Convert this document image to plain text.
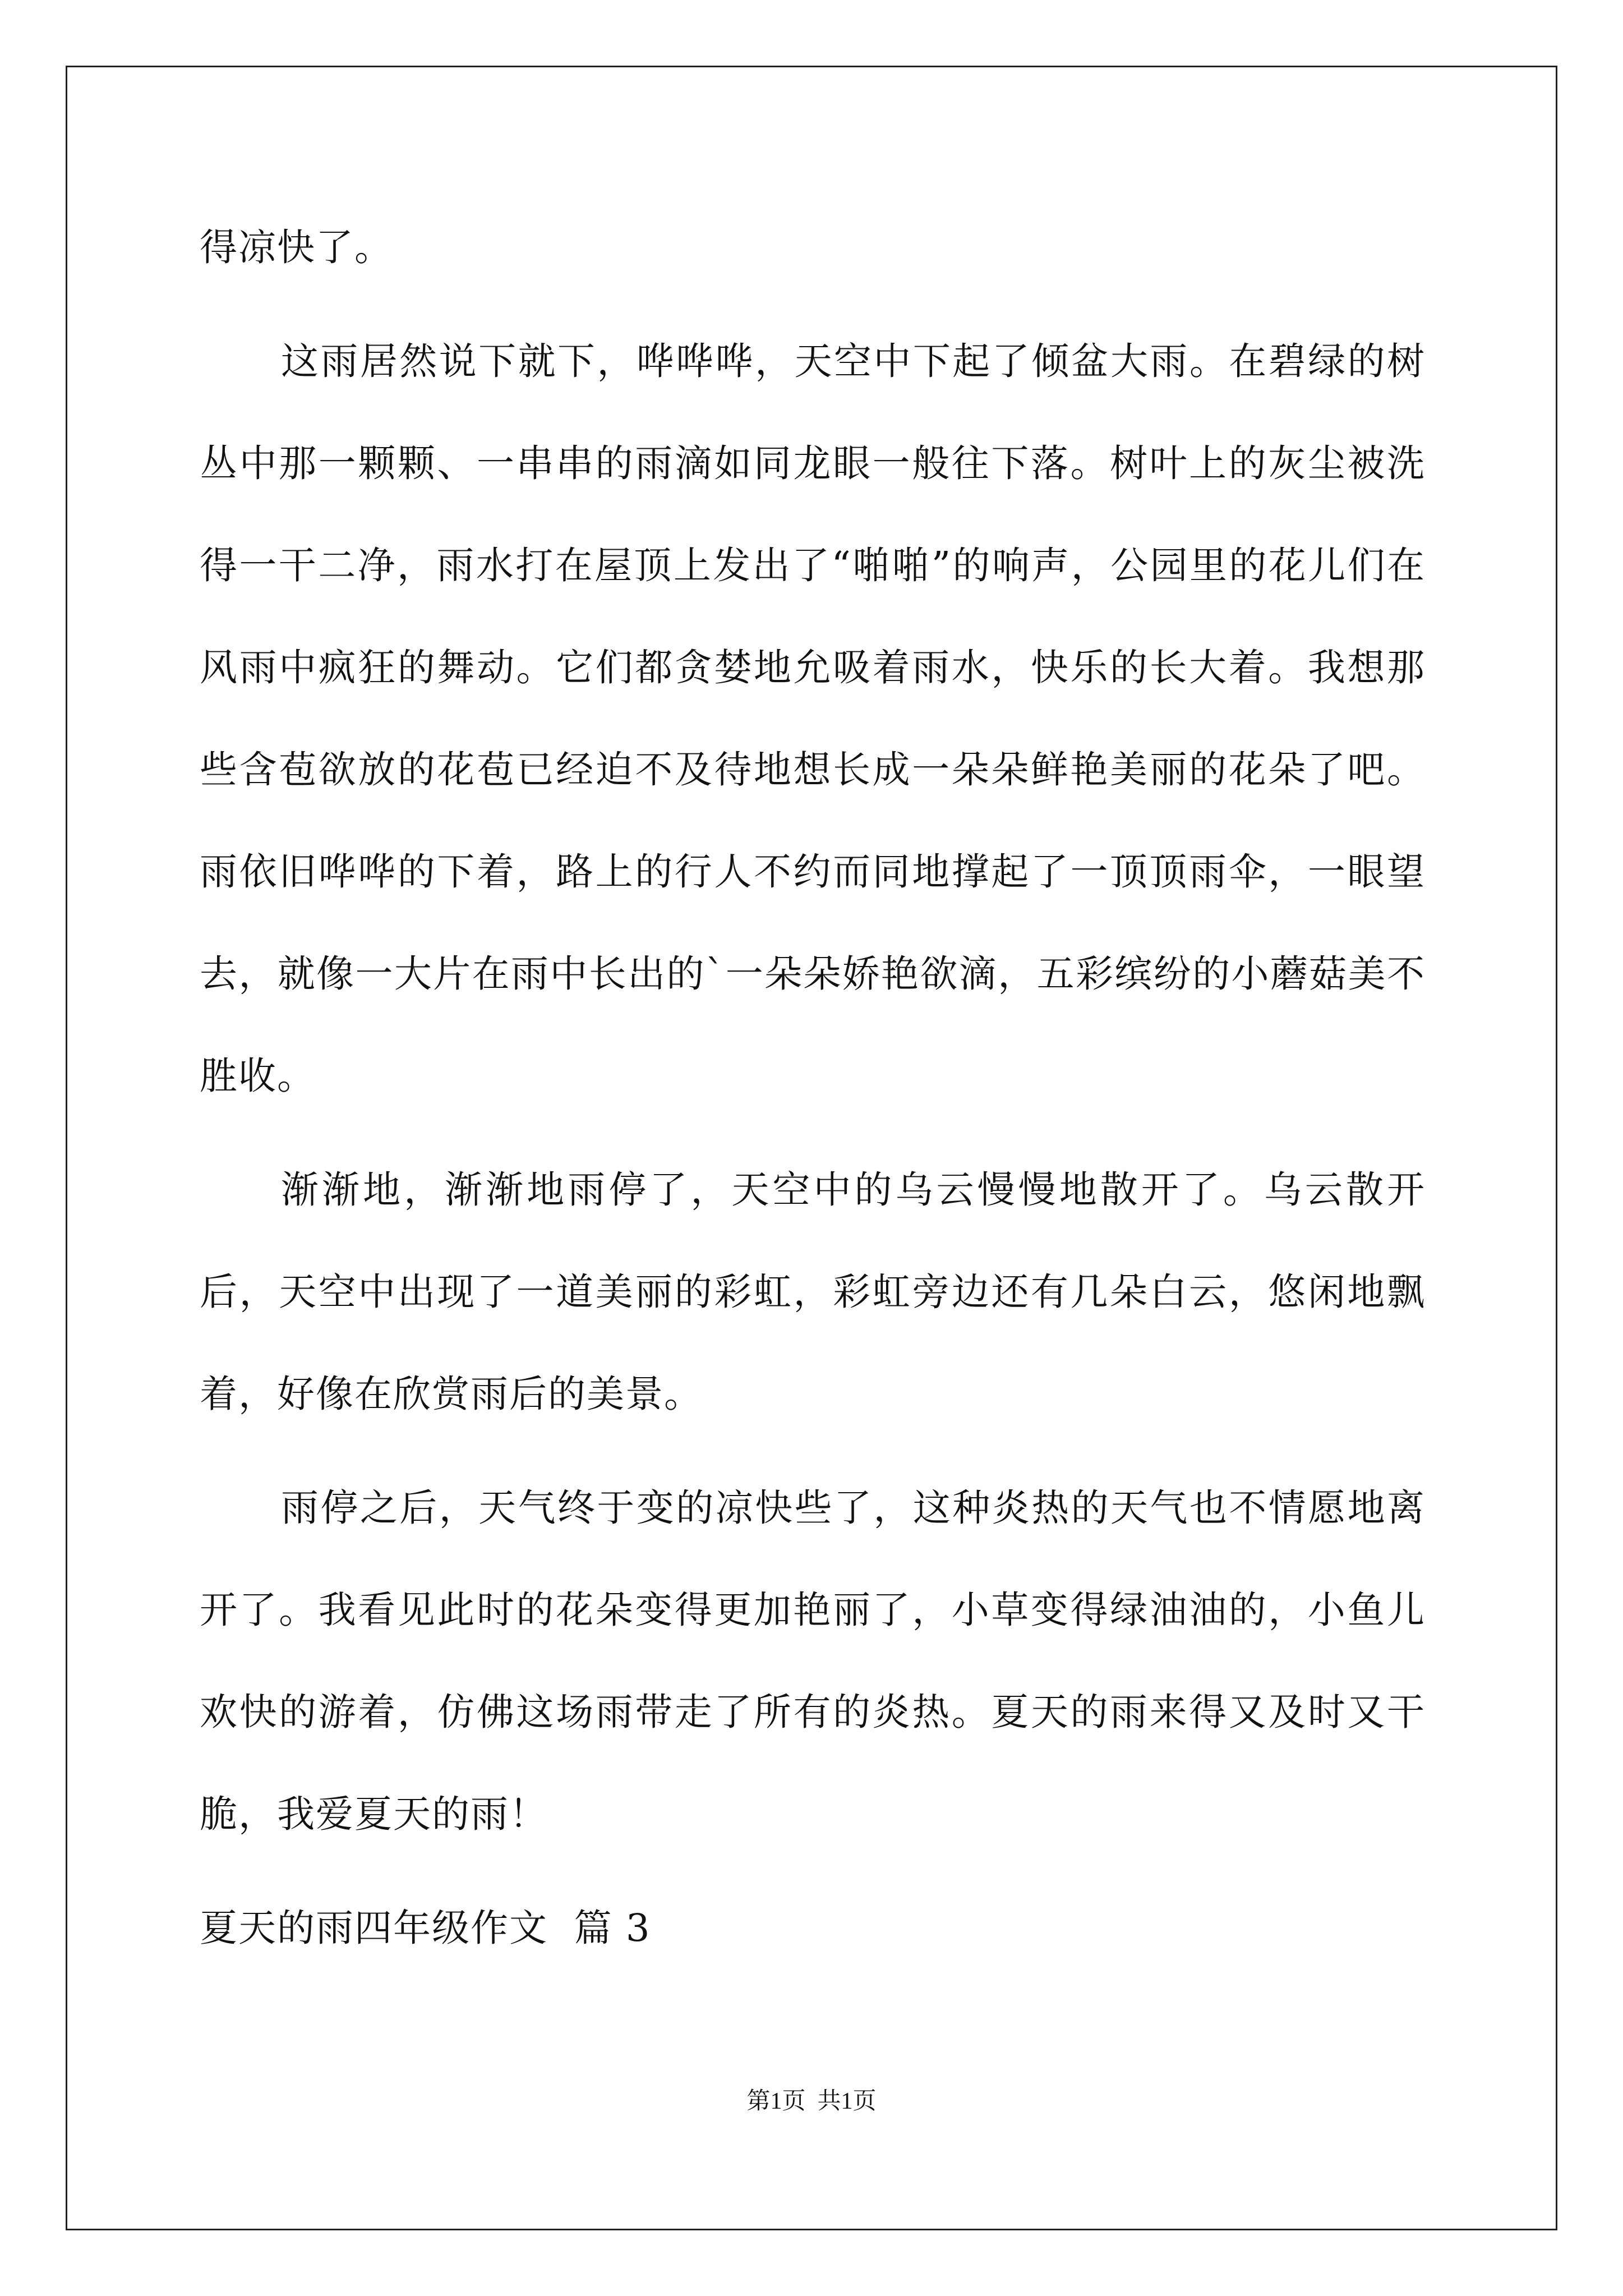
得凉快了。

这雨居然说下就下，哗哗哗，天空中下起了倾盆大雨。在碧绿的树丛中那一颗颗、一串串的雨滴如同龙眼一般往下落。树叶上的灰尘被洗得一干二净，雨水打在屋顶上发出了“啪啪”的响声，公园里的花儿们在风雨中疯狂的舞动。它们都贪婪地允吸着雨水，快乐的长大着。我想那些含苞欲放的花苞已经迫不及待地想长成一朵朵鲜艳美丽的花朵了吧。雨依旧哗哗的下着，路上的行人不约而同地撑起了一顶顶雨伞，一眼望去，就像一大片在雨中长出的`一朵朵娇艳欲滴，五彩缤纷的小蘑菇美不胜收。

渐渐地，渐渐地雨停了，天空中的乌云慢慢地散开了。乌云散开后，天空中出现了一道美丽的彩虹，彩虹旁边还有几朵白云，悠闲地飘着，好像在欣赏雨后的美景。

雨停之后，天气终于变的凉快些了，这种炎热的天气也不情愿地离开了。我看见此时的花朵变得更加艳丽了，小草变得绿油油的，小鱼儿欢快的游着，仿佛这场雨带走了所有的炎热。夏天的雨来得又及时又干脆，我爱夏天的雨！

夏天的雨四年级作文  篇 3

第1页  共1页
